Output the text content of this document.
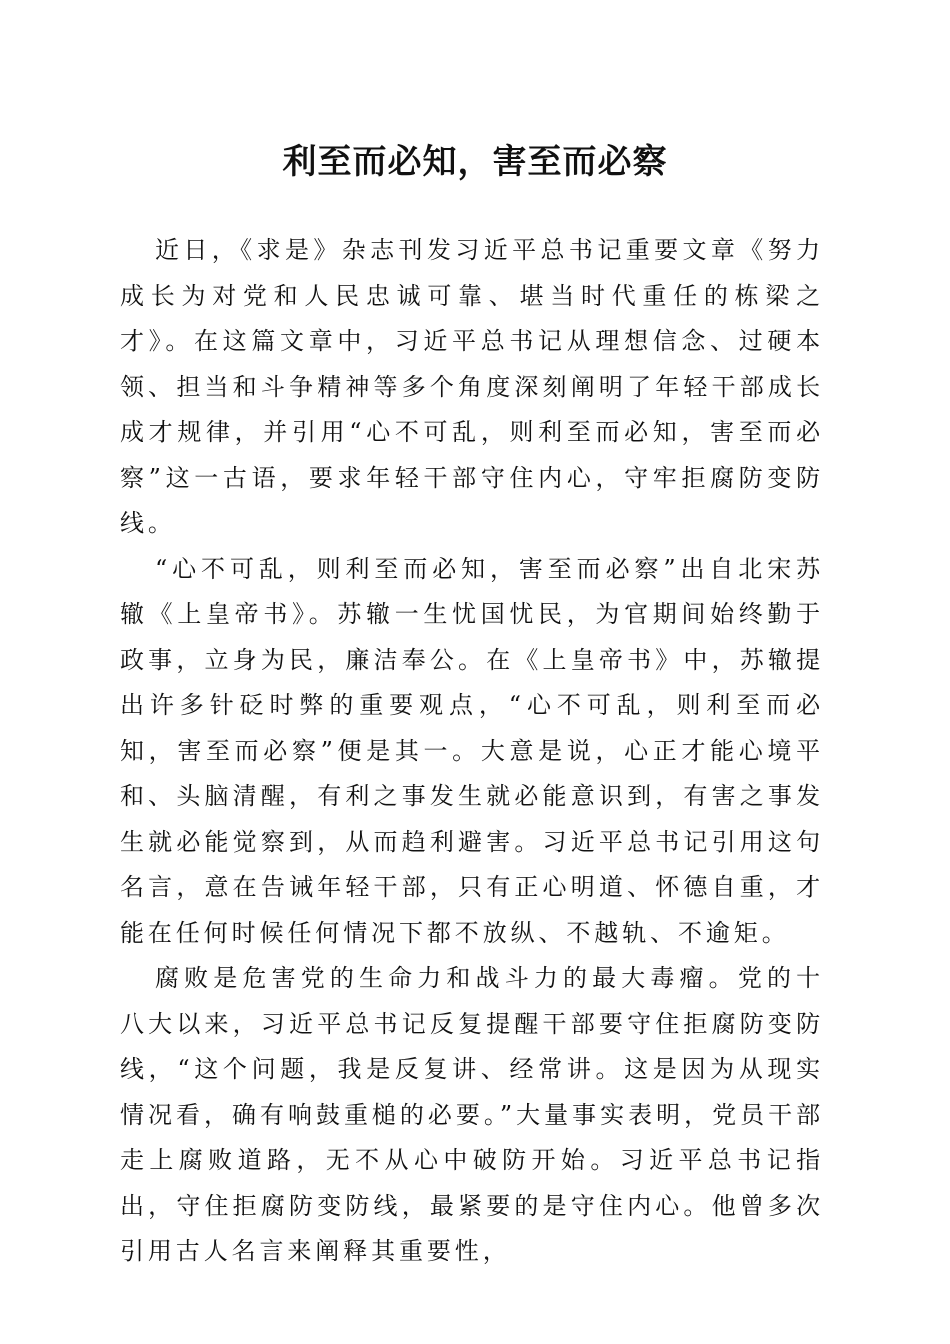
利至而必知，害至而必察

近日，《求是》杂志刊发习近平总书记重要文章《努力成长为对党和人民忠诚可靠、堪当时代重任的栋梁之才》。在这篇文章中，习近平总书记从理想信念、过硬本领、担当和斗争精神等多个角度深刻阐明了年轻干部成长成才规律，并引用“心不可乱，则利至而必知，害至而必察”这一古语，要求年轻干部守住内心，守牢拒腐防变防线。

“心不可乱，则利至而必知，害至而必察”出自北宋苏辙《上皇帝书》。苏辙一生忧国忧民，为官期间始终勤于政事，立身为民，廉洁奉公。在《上皇帝书》中，苏辙提出许多针砭时弊的重要观点，“心不可乱，则利至而必知，害至而必察”便是其一。大意是说，心正才能心境平和、头脑清醒，有利之事发生就必能意识到，有害之事发生就必能觉察到，从而趋利避害。习近平总书记引用这句名言，意在告诫年轻干部，只有正心明道、怀德自重，才能在任何时候任何情况下都不放纵、不越轨、不逾矩。

腐败是危害党的生命力和战斗力的最大毒瘤。党的十八大以来，习近平总书记反复提醒干部要守住拒腐防变防线，“这个问题，我是反复讲、经常讲。这是因为从现实情况看，确有响鼓重槌的必要。”大量事实表明，党员干部走上腐败道路，无不从心中破防开始。习近平总书记指出，守住拒腐防变防线，最紧要的是守住内心。他曾多次引用古人名言来阐释其重要性，
